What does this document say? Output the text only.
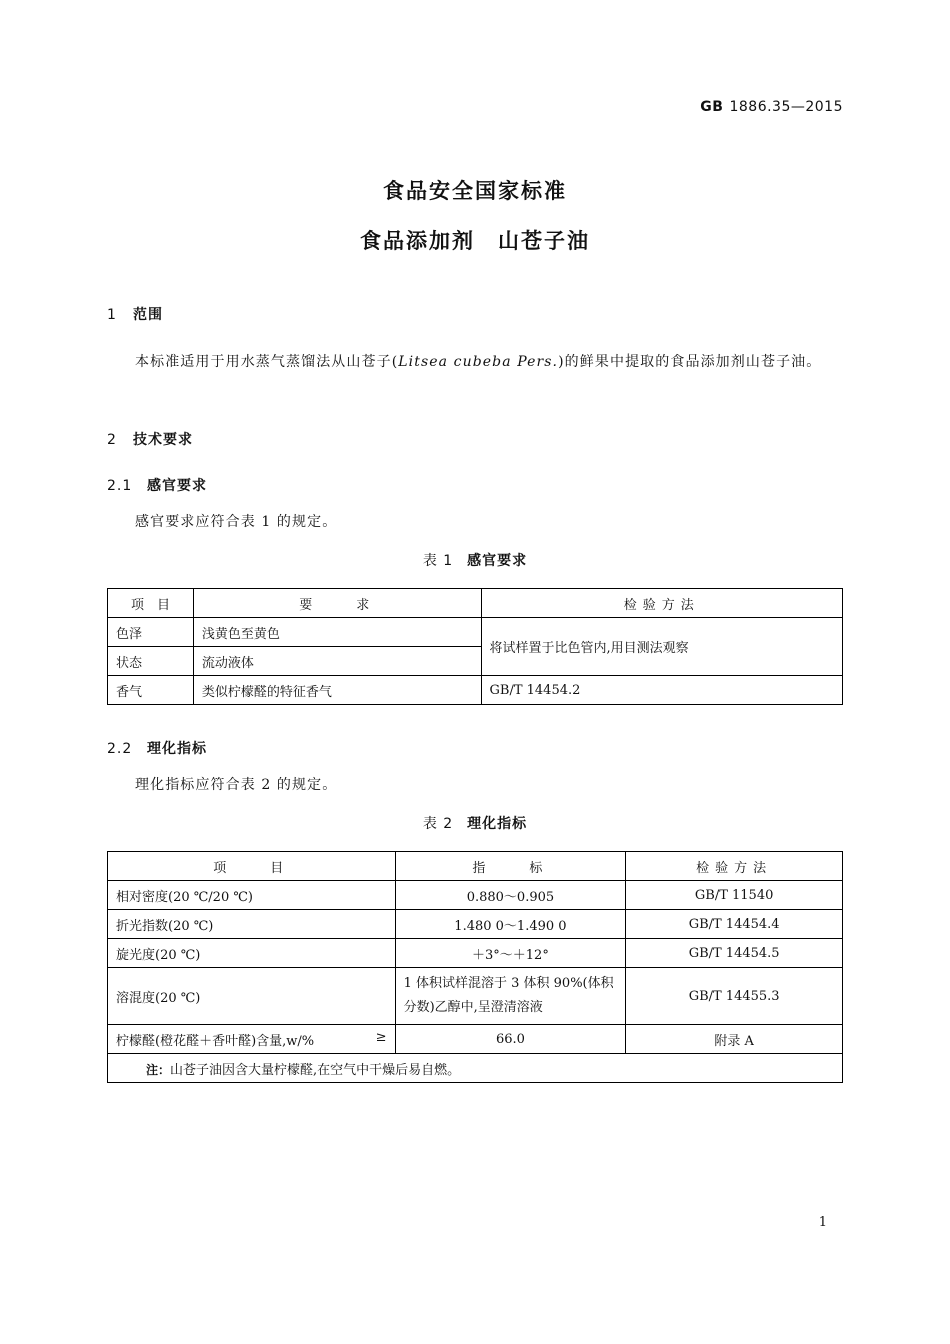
GB 1886.35—2015
食品安全国家标准
食品添加剂　山苍子油
1 范围
本标准适用于用水蒸气蒸馏法从山苍子(Litsea cubeba Pers.)的鲜果中提取的食品添加剂山苍子油。
2 技术要求
2.1 感官要求
感官要求应符合表 1 的规定。
表 1 感官要求
项　目	要　　求	检验方法
色泽	浅黄色至黄色	将试样置于比色管内,用目测法观察
状态	流动液体	
香气	类似柠檬醛的特征香气	GB/T 14454.2
2.2 理化指标
理化指标应符合表 2 的规定。
表 2 理化指标
项　　目	指　　标	检验方法
相对密度(20 ℃/20 ℃)	0.880～0.905	GB/T 11540
折光指数(20 ℃)	1.480 0～1.490 0	GB/T 14454.4
旋光度(20 ℃)	＋3°～＋12°	GB/T 14454.5
溶混度(20 ℃)	1 体积试样混溶于 3 体积 90%(体积分数)乙醇中,呈澄清溶液	GB/T 14455.3
柠檬醛(橙花醛＋香叶醛)含量,w/% ≥	66.0	附录 A
注：山苍子油因含大量柠檬醛,在空气中干燥后易自燃。		
1
